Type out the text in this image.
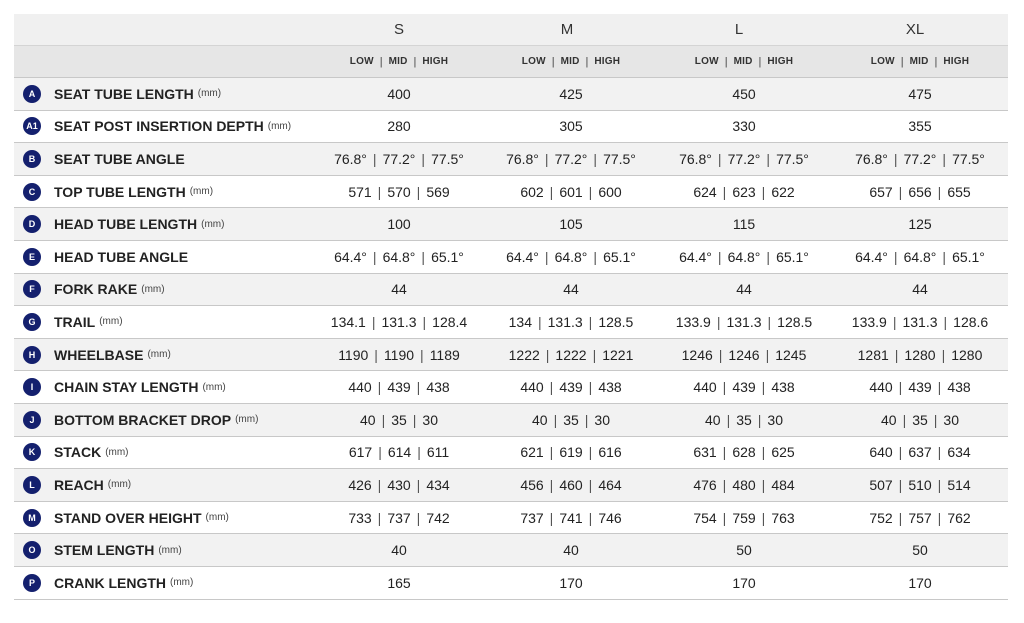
S	M	L	XL
LOW | MID | HIGH	LOW | MID | HIGH	LOW | MID | HIGH	LOW | MID | HIGH
A	SEAT TUBE LENGTH (mm)	400	425	450	475
A1 SEAT POST INSERTION DEPTH (mm)	280	305	330	355
B	SEAT TUBE ANGLE	76.8° | 77.2° | 77.5°	76.8° | 77.2° | 77.5°	76.8° | 77.2° | 77.5°	76.8° | 77.2° | 77.5°
C	TOP TUBE LENGTH (mm)	571 | 570 | 569	602 | 601 | 600	624 | 623 | 622	657 | 656 | 655
D	HEAD TUBE LENGTH (mm)	100	105	115	125
E	HEAD TUBE ANGLE	64.4° | 64.8° | 65.1°	64.4° | 64.8° | 65.1°	64.4° | 64.8° | 65.1°	64.4° | 64.8° | 65.1°
F	FORK RAKE (mm)	44	44	44	44
G	TRAIL (mm)	134.1 | 131.3 | 128.4	134 | 131.3 | 128.5	133.9 | 131.3 | 128.5	133.9 | 131.3 | 128.6
H	WHEELBASE (mm)	1190 | 1190 | 1189	1222 | 1222 | 1221	1246 | 1246 | 1245	1281 | 1280 | 1280
I	CHAIN STAY LENGTH (mm)	440 | 439 | 438	440 | 439 | 438	440 | 439 | 438	440 | 439 | 438
J	BOTTOM BRACKET DROP (mm)	40 | 35 | 30	40 | 35 | 30	40 | 35 | 30	40 | 35 | 30
K	STACK (mm)	617 | 614 | 611	621 | 619 | 616	631 | 628 | 625	640 | 637 | 634
L	REACH (mm)	426 | 430 | 434	456 | 460 | 464	476 | 480 | 484	507 | 510 | 514
M	STAND OVER HEIGHT (mm)	733 | 737 | 742	737 | 741 | 746	754 | 759 | 763	752 | 757 | 762
O	STEM LENGTH (mm)	40	40	50	50
P	CRANK LENGTH (mm)	165	170	170	170
